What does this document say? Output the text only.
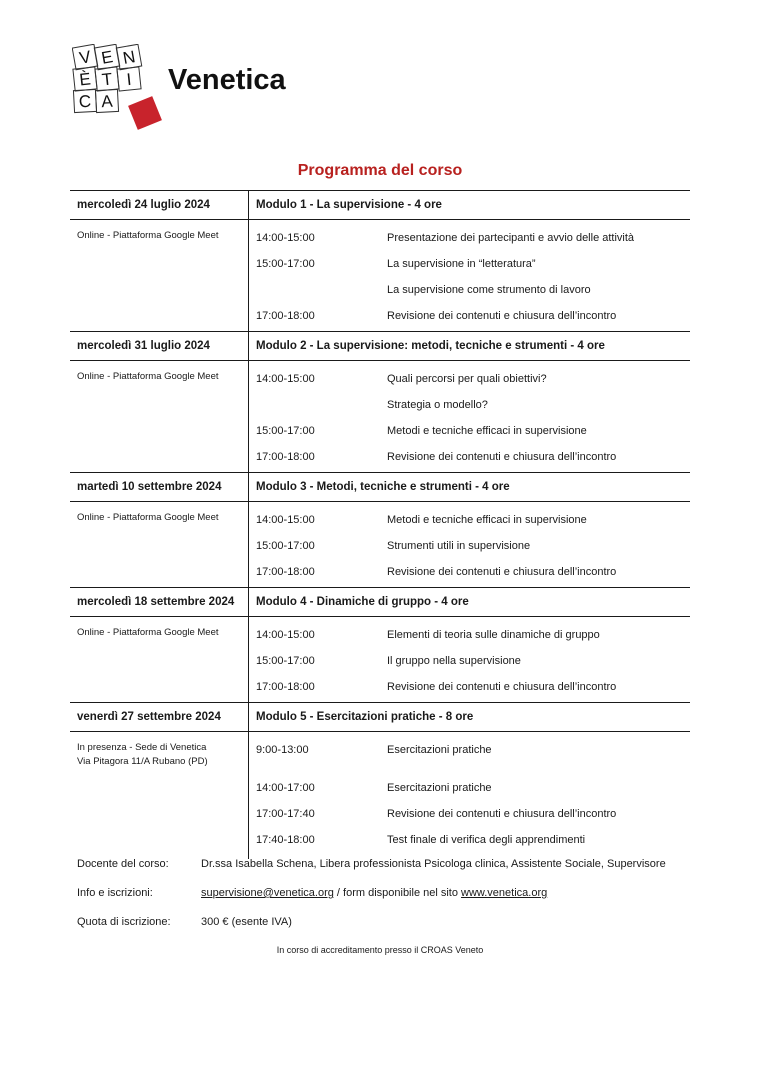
V E N
È T I
C A
Venetica
Programma del corso
mercoledì 24 luglio 2024	Modulo 1 - La supervisione - 4 ore
Online - Piattaforma Google Meet	14:00-15:00	Presentazione dei partecipanti e avvio delle attività
15:00-17:00	La supervisione in “letteratura”
La supervisione come strumento di lavoro
17:00-18:00	Revisione dei contenuti e chiusura dell’incontro
mercoledì 31 luglio 2024	Modulo 2 - La supervisione: metodi, tecniche e strumenti - 4 ore
Online - Piattaforma Google Meet	14:00-15:00	Quali percorsi per quali obiettivi?
Strategia o modello?
15:00-17:00	Metodi e tecniche efficaci in supervisione
17:00-18:00	Revisione dei contenuti e chiusura dell’incontro
martedì 10 settembre 2024	Modulo 3 - Metodi, tecniche e strumenti - 4 ore
Online - Piattaforma Google Meet	14:00-15:00	Metodi e tecniche efficaci in supervisione
15:00-17:00	Strumenti utili in supervisione
17:00-18:00	Revisione dei contenuti e chiusura dell’incontro
mercoledì 18 settembre 2024	Modulo 4 - Dinamiche di gruppo - 4 ore
Online - Piattaforma Google Meet	14:00-15:00	Elementi di teoria sulle dinamiche di gruppo
15:00-17:00	Il gruppo nella supervisione
17:00-18:00	Revisione dei contenuti e chiusura dell’incontro
venerdì 27 settembre 2024	Modulo 5 - Esercitazioni pratiche - 8 ore
In presenza - Sede di Venetica
Via Pitagora 11/A Rubano (PD)
9:00-13:00	Esercitazioni pratiche
14:00-17:00	Esercitazioni pratiche
17:00-17:40	Revisione dei contenuti e chiusura dell’incontro
17:40-18:00	Test finale di verifica degli apprendimenti
Docente del corso:	Dr.ssa Isabella Schena, Libera professionista Psicologa clinica, Assistente Sociale, Supervisore
Info e iscrizioni:	supervisione@venetica.org / form disponibile nel sito www.venetica.org
Quota di iscrizione:	300 € (esente IVA)
In corso di accreditamento presso il CROAS Veneto
